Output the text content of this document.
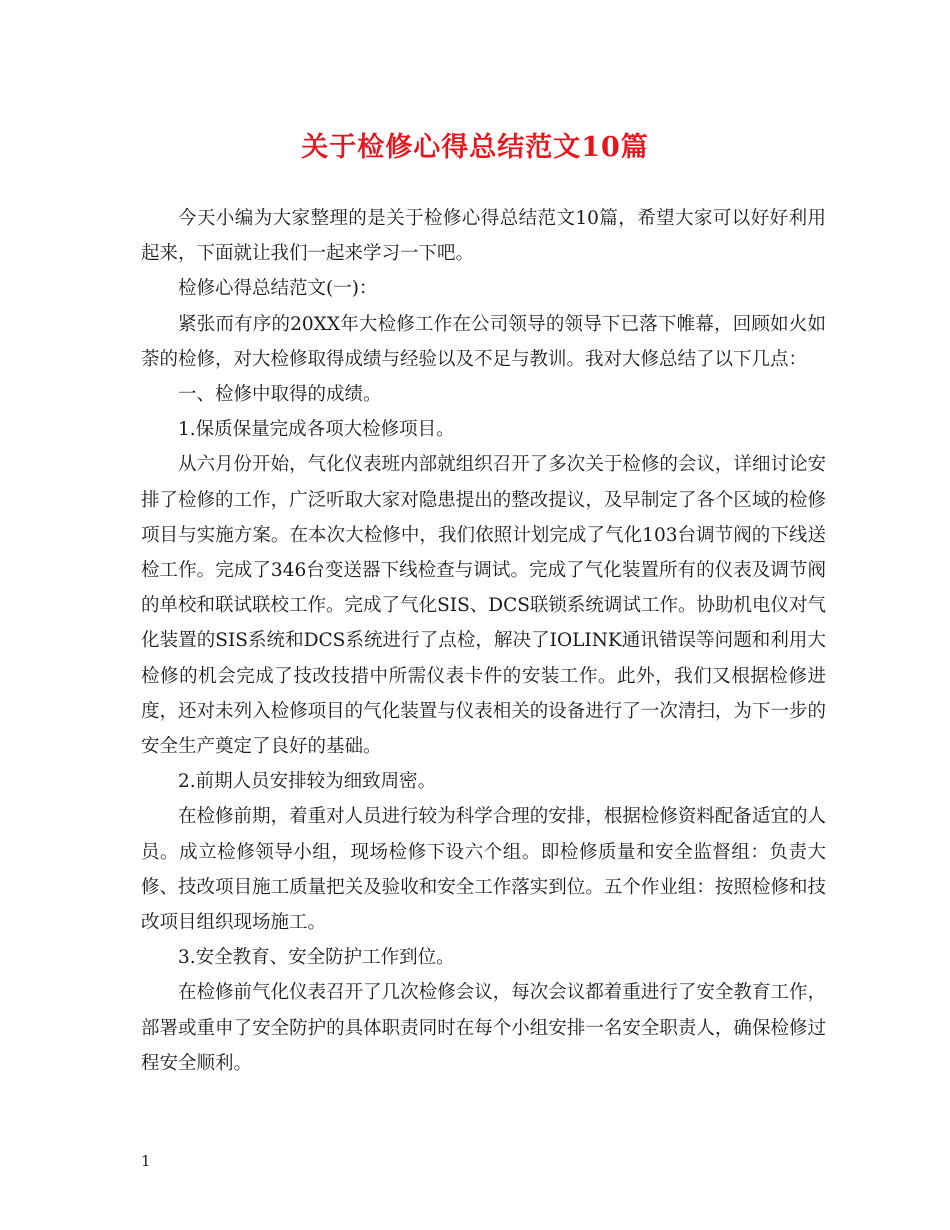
关于检修心得总结范文10篇

今天小编为大家整理的是关于检修心得总结范文10篇，希望大家可以好好利用起来，下面就让我们一起来学习一下吧。

检修心得总结范文(一)：

紧张而有序的20XX年大检修工作在公司领导的领导下已落下帷幕，回顾如火如荼的检修，对大检修取得成绩与经验以及不足与教训。我对大修总结了以下几点：

一、检修中取得的成绩。

1.保质保量完成各项大检修项目。

从六月份开始，气化仪表班内部就组织召开了多次关于检修的会议，详细讨论安排了检修的工作，广泛听取大家对隐患提出的整改提议，及早制定了各个区域的检修项目与实施方案。在本次大检修中，我们依照计划完成了气化103台调节阀的下线送检工作。完成了346台变送器下线检查与调试。完成了气化装置所有的仪表及调节阀的单校和联试联校工作。完成了气化SIS、DCS联锁系统调试工作。协助机电仪对气化装置的SIS系统和DCS系统进行了点检，解决了IOLINK通讯错误等问题和利用大检修的机会完成了技改技措中所需仪表卡件的安装工作。此外，我们又根据检修进度，还对未列入检修项目的气化装置与仪表相关的设备进行了一次清扫，为下一步的安全生产奠定了良好的基础。

2.前期人员安排较为细致周密。

在检修前期，着重对人员进行较为科学合理的安排，根据检修资料配备适宜的人员。成立检修领导小组，现场检修下设六个组。即检修质量和安全监督组：负责大修、技改项目施工质量把关及验收和安全工作落实到位。五个作业组：按照检修和技改项目组织现场施工。

3.安全教育、安全防护工作到位。

在检修前气化仪表召开了几次检修会议，每次会议都着重进行了安全教育工作，部署或重申了安全防护的具体职责同时在每个小组安排一名安全职责人，确保检修过程安全顺利。

1
